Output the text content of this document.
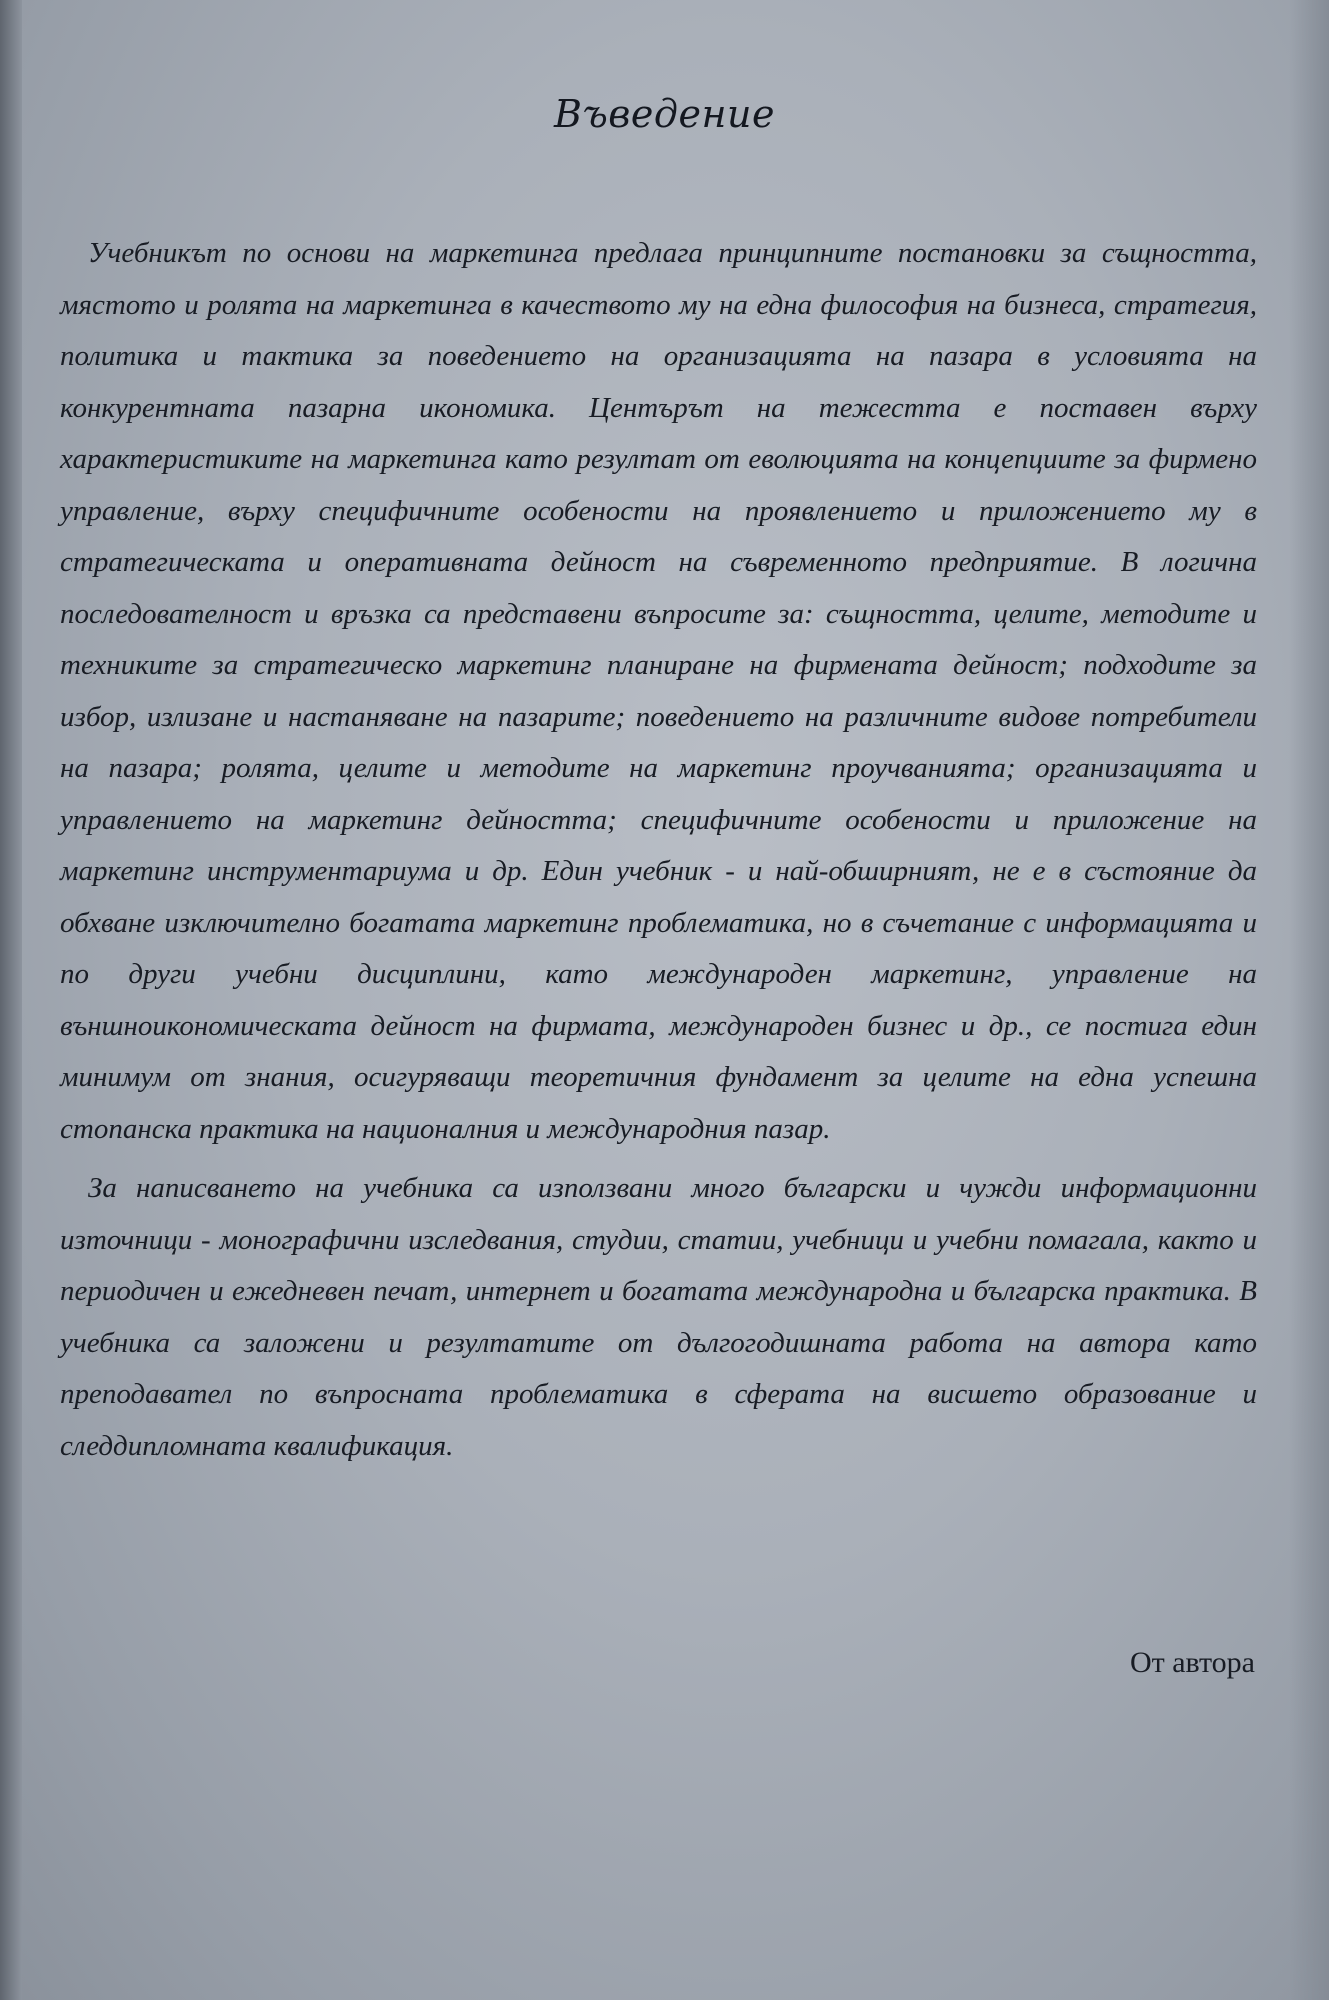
Въведение

Учебникът по основи на маркетинга предлага принципните постановки за същността, мястото и ролята на маркетинга в качеството му на една философия на бизнеса, стратегия, политика и тактика за поведението на организацията на пазара в условията на конкурентната пазарна икономика. Центърът на тежестта е поставен върху характеристиките на маркетинга като резултат от еволюцията на концепциите за фирмено управление, върху специфичните особености на проявлението и приложението му в стратегическата и оперативната дейност на съвременното предприятие. В логична последователност и връзка са представени въпросите за: същността, целите, методите и техниките за стратегическо маркетинг планиране на фирмената дейност; подходите за избор, излизане и настаняване на пазарите; поведението на различните видове потребители на пазара; ролята, целите и методите на маркетинг проучванията; организацията и управлението на маркетинг дейността; специфичните особености и приложение на маркетинг инструментариума и др. Един учебник - и най-обширният, не е в състояние да обхване изключително богатата маркетинг проблематика, но в съчетание с информацията и по други учебни дисциплини, като международен маркетинг, управление на външноикономическата дейност на фирмата, международен бизнес и др., се постига един минимум от знания, осигуряващи теоретичния фундамент за целите на една успешна стопанска практика на националния и международния пазар.

За написването на учебника са използвани много български и чужди информационни източници - монографични изследвания, студии, статии, учебници и учебни помагала, както и периодичен и ежедневен печат, интернет и богатата международна и българска практика. В учебника са заложени и резултатите от дългогодишната работа на автора като преподавател по въпросната проблематика в сферата на висшето образование и следдипломната квалификация.

От автора
